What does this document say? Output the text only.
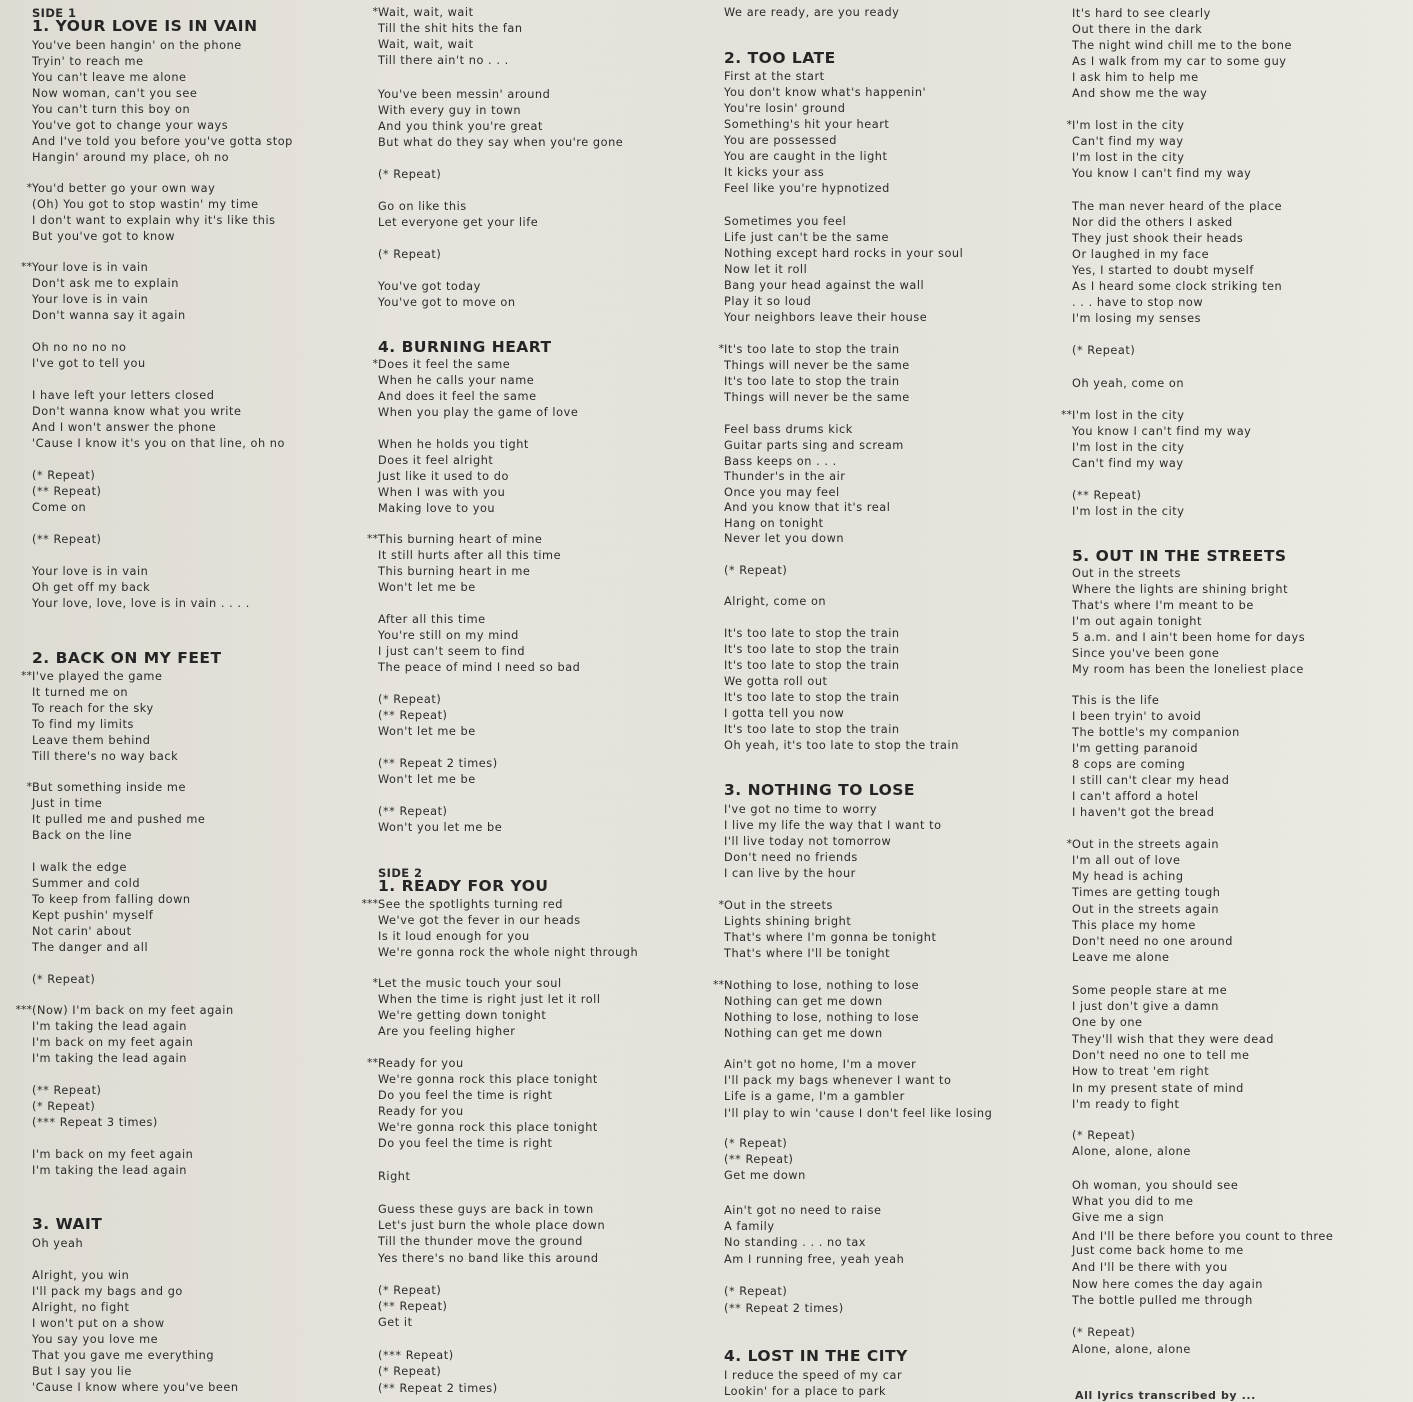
SIDE 1
1. YOUR LOVE IS IN VAIN
You've been hangin' on the phone
Tryin' to reach me
You can't leave me alone
Now woman, can't you see
You can't turn this boy on
You've got to change your ways
And I've told you before you've gotta stop
Hangin' around my place, oh no
* You'd better go your own way
(Oh) You got to stop wastin' my time
I don't want to explain why it's like this
But you've got to know
** Your love is in vain
Don't ask me to explain
Your love is in vain
Don't wanna say it again
Oh no no no no
I've got to tell you
I have left your letters closed
Don't wanna know what you write
And I won't answer the phone
'Cause I know it's you on that line, oh no
(* Repeat)
(** Repeat)
Come on
(** Repeat)
Your love is in vain
Oh get off my back
Your love, love, love is in vain . . . .
2. BACK ON MY FEET
** I've played the game
It turned me on
To reach for the sky
To find my limits
Leave them behind
Till there's no way back
* But something inside me
Just in time
It pulled me and pushed me
Back on the line
I walk the edge
Summer and cold
To keep from falling down
Kept pushin' myself
Not carin' about
The danger and all
(* Repeat)
*** (Now) I'm back on my feet again
I'm taking the lead again
I'm back on my feet again
I'm taking the lead again
(** Repeat)
(* Repeat)
(*** Repeat 3 times)
I'm back on my feet again
I'm taking the lead again
3. WAIT
Oh yeah
Alright, you win
I'll pack my bags and go
Alright, no fight
I won't put on a show
You say you love me
That you gave me everything
But I say you lie
'Cause I know where you've been
* Wait, wait, wait
Till the shit hits the fan
Wait, wait, wait
Till there ain't no . . .
You've been messin' around
With every guy in town
And you think you're great
But what do they say when you're gone
(* Repeat)
Go on like this
Let everyone get your life
(* Repeat)
You've got today
You've got to move on
4. BURNING HEART
* Does it feel the same
When he calls your name
And does it feel the same
When you play the game of love
When he holds you tight
Does it feel alright
Just like it used to do
When I was with you
Making love to you
** This burning heart of mine
It still hurts after all this time
This burning heart in me
Won't let me be
After all this time
You're still on my mind
I just can't seem to find
The peace of mind I need so bad
(* Repeat)
(** Repeat)
Won't let me be
(** Repeat 2 times)
Won't let me be
(** Repeat)
Won't you let me be
SIDE 2
1. READY FOR YOU
*** See the spotlights turning red
We've got the fever in our heads
Is it loud enough for you
We're gonna rock the whole night through
* Let the music touch your soul
When the time is right just let it roll
We're getting down tonight
Are you feeling higher
** Ready for you
We're gonna rock this place tonight
Do you feel the time is right
Ready for you
We're gonna rock this place tonight
Do you feel the time is right
Right
Guess these guys are back in town
Let's just burn the whole place down
Till the thunder move the ground
Yes there's no band like this around
(* Repeat)
(** Repeat)
Get it
(*** Repeat)
(* Repeat)
(** Repeat 2 times)
We are ready, are you ready
2. TOO LATE
First at the start
You don't know what's happenin'
You're losin' ground
Something's hit your heart
You are possessed
You are caught in the light
It kicks your ass
Feel like you're hypnotized
Sometimes you feel
Life just can't be the same
Nothing except hard rocks in your soul
Now let it roll
Bang your head against the wall
Play it so loud
Your neighbors leave their house
* It's too late to stop the train
Things will never be the same
It's too late to stop the train
Things will never be the same
Feel bass drums kick
Guitar parts sing and scream
Bass keeps on . . .
Thunder's in the air
Once you may feel
And you know that it's real
Hang on tonight
Never let you down
(* Repeat)
Alright, come on
It's too late to stop the train
It's too late to stop the train
It's too late to stop the train
We gotta roll out
It's too late to stop the train
I gotta tell you now
It's too late to stop the train
Oh yeah, it's too late to stop the train
3. NOTHING TO LOSE
I've got no time to worry
I live my life the way that I want to
I'll live today not tomorrow
Don't need no friends
I can live by the hour
* Out in the streets
Lights shining bright
That's where I'm gonna be tonight
That's where I'll be tonight
** Nothing to lose, nothing to lose
Nothing can get me down
Nothing to lose, nothing to lose
Nothing can get me down
Ain't got no home, I'm a mover
I'll pack my bags whenever I want to
Life is a game, I'm a gambler
I'll play to win 'cause I don't feel like losing
(* Repeat)
(** Repeat)
Get me down
Ain't got no need to raise
A family
No standing . . . no tax
Am I running free, yeah yeah
(* Repeat)
(** Repeat 2 times)
4. LOST IN THE CITY
I reduce the speed of my car
Lookin' for a place to park
It's hard to see clearly
Out there in the dark
The night wind chill me to the bone
As I walk from my car to some guy
I ask him to help me
And show me the way
* I'm lost in the city
Can't find my way
I'm lost in the city
You know I can't find my way
The man never heard of the place
Nor did the others I asked
They just shook their heads
Or laughed in my face
Yes, I started to doubt myself
As I heard some clock striking ten
. . . have to stop now
I'm losing my senses
(* Repeat)
Oh yeah, come on
** I'm lost in the city
You know I can't find my way
I'm lost in the city
Can't find my way
(** Repeat)
I'm lost in the city
5. OUT IN THE STREETS
Out in the streets
Where the lights are shining bright
That's where I'm meant to be
I'm out again tonight
5 a.m. and I ain't been home for days
Since you've been gone
My room has been the loneliest place
This is the life
I been tryin' to avoid
The bottle's my companion
I'm getting paranoid
8 cops are coming
I still can't clear my head
I can't afford a hotel
I haven't got the bread
* Out in the streets again
I'm all out of love
My head is aching
Times are getting tough
Out in the streets again
This place my home
Don't need no one around
Leave me alone
Some people stare at me
I just don't give a damn
One by one
They'll wish that they were dead
Don't need no one to tell me
How to treat 'em right
In my present state of mind
I'm ready to fight
(* Repeat)
Alone, alone, alone
Oh woman, you should see
What you did to me
Give me a sign
And I'll be there before you count to three
Just come back home to me
And I'll be there with you
Now here comes the day again
The bottle pulled me through
(* Repeat)
Alone, alone, alone
All lyrics transcribed by ...
